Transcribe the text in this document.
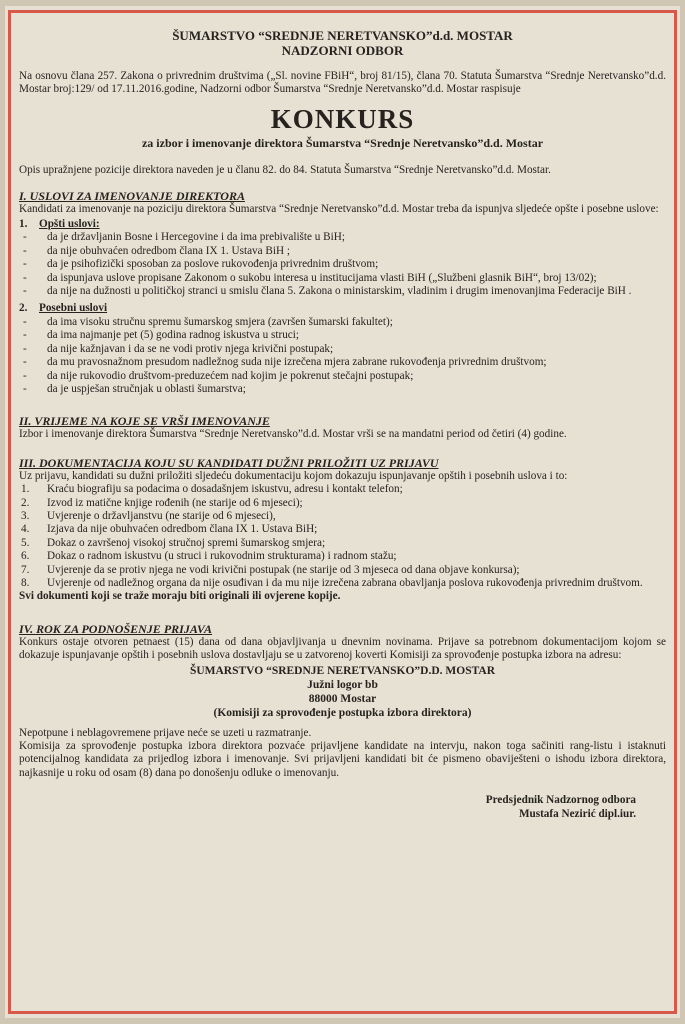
ŠUMARSTVO “SREDNJE NERETVANSKO”d.d. MOSTAR
NADZORNI ODBOR

Na osnovu člana 257. Zakona o privrednim društvima („Sl. novine FBiH“, broj 81/15), člana 70. Statuta Šumarstva “Srednje Neretvansko”d.d. Mostar broj:129/ od 17.11.2016.godine, Nadzorni odbor Šumarstva “Srednje Neretvansko”d.d. Mostar raspisuje

KONKURS
za izbor i imenovanje direktora Šumarstva “Srednje Neretvansko”d.d. Mostar

Opis upražnjene pozicije direktora naveden je u članu 82. do 84. Statuta Šumarstva “Srednje Neretvansko”d.d. Mostar.

I. USLOVI ZA IMENOVANJE DIREKTORA

Kandidati za imenovanje na poziciju direktora Šumarstva “Srednje Neretvansko”d.d. Mostar treba da ispunjva sljedeće opšte i posebne uslove:

1. Opšti uslovi:
- da je državljanin Bosne i Hercegovine i da ima prebivalište u BiH;
- da nije obuhvaćen odredbom člana IX 1. Ustava BiH ;
- da je psihofizički sposoban za poslove rukovođenja privrednim društvom;
- da ispunjava uslove propisane Zakonom o sukobu interesa u institucijama vlasti BiH („Službeni glasnik BiH“, broj 13/02);
- da nije na dužnosti u političkoj stranci u smislu člana 5. Zakona o ministarskim, vladinim i drugim imenovanjima Federacije BiH .
2. Posebni uslovi
- da ima visoku stručnu spremu šumarskog smjera (završen šumarski fakultet);
- da ima najmanje pet (5) godina radnog iskustva u struci;
- da nije kažnjavan i da se ne vodi protiv njega krivični postupak;
- da mu pravosnažnom presudom nadležnog suda nije izrečena mjera zabrane rukovođenja privrednim društvom;
- da nije rukovodio društvom-preduzećem nad kojim je pokrenut stečajni postupak;
- da je uspješan stručnjak u oblasti šumarstva;
II. VRIJEME NA KOJE SE VRŠI IMENOVANJE

Izbor i imenovanje direktora Šumarstva “Srednje Neretvansko”d.d. Mostar vrši se na mandatni period od četiri (4) godine.

III. DOKUMENTACIJA KOJU SU KANDIDATI DUŽNI PRILOŽITI UZ PRIJAVU

Uz prijavu, kandidati su dužni priložiti sljedeću dokumentaciju kojom dokazuju ispunjavanje opštih i posebnih uslova i to:

1. Kraću biografiju sa podacima o dosadašnjem iskustvu, adresu i kontakt telefon;
2. Izvod iz matične knjige rođenih (ne starije od 6 mjeseci);
3. Uvjerenje o državljanstvu (ne starije od 6 mjeseci),
4. Izjava da nije obuhvaćen odredbom člana IX 1. Ustava BiH;
5. Dokaz o završenoj visokoj stručnoj spremi šumarskog smjera;
6. Dokaz o radnom iskustvu (u struci i rukovodnim strukturama) i radnom stažu;
7. Uvjerenje da se protiv njega ne vodi krivični postupak (ne starije od 3 mjeseca od dana objave konkursa);
8. Uvjerenje od nadležnog organa da nije osuđivan i da mu nije izrečena zabrana obavljanja poslova rukovođenja privrednim društvom.

Svi dokumenti koji se traže moraju biti originali ili ovjerene kopije.

IV. ROK ZA PODNOŠENJE PRIJAVA

Konkurs ostaje otvoren petnaest (15) dana od dana objavljivanja u dnevnim novinama. Prijave sa potrebnom dokumentacijom kojom se dokazuje ispunjavanje opštih i posebnih uslova dostavljaju se u zatvorenoj koverti Komisiji za sprovođenje postupka izbora na adresu:

ŠUMARSTVO “SREDNJE NERETVANSKO”D.D. MOSTAR
Južni logor bb
88000 Mostar
(Komisiji za sprovođenje postupka izbora direktora)

Nepotpune i neblagovremene prijave neće se uzeti u razmatranje.

Komisija za sprovođenje postupka izbora direktora pozvaće prijavljene kandidate na intervju, nakon toga sačiniti rang-listu i istaknuti potencijalnog kandidata za prijedlog izbora i imenovanje. Svi prijavljeni kandidati bit će pismeno obaviješteni o ishodu izbora direktora, najkasnije u roku od osam (8) dana po donošenju odluke o imenovanju.

Predsjednik Nadzornog odbora
Mustafa Nezirić dipl.iur.
